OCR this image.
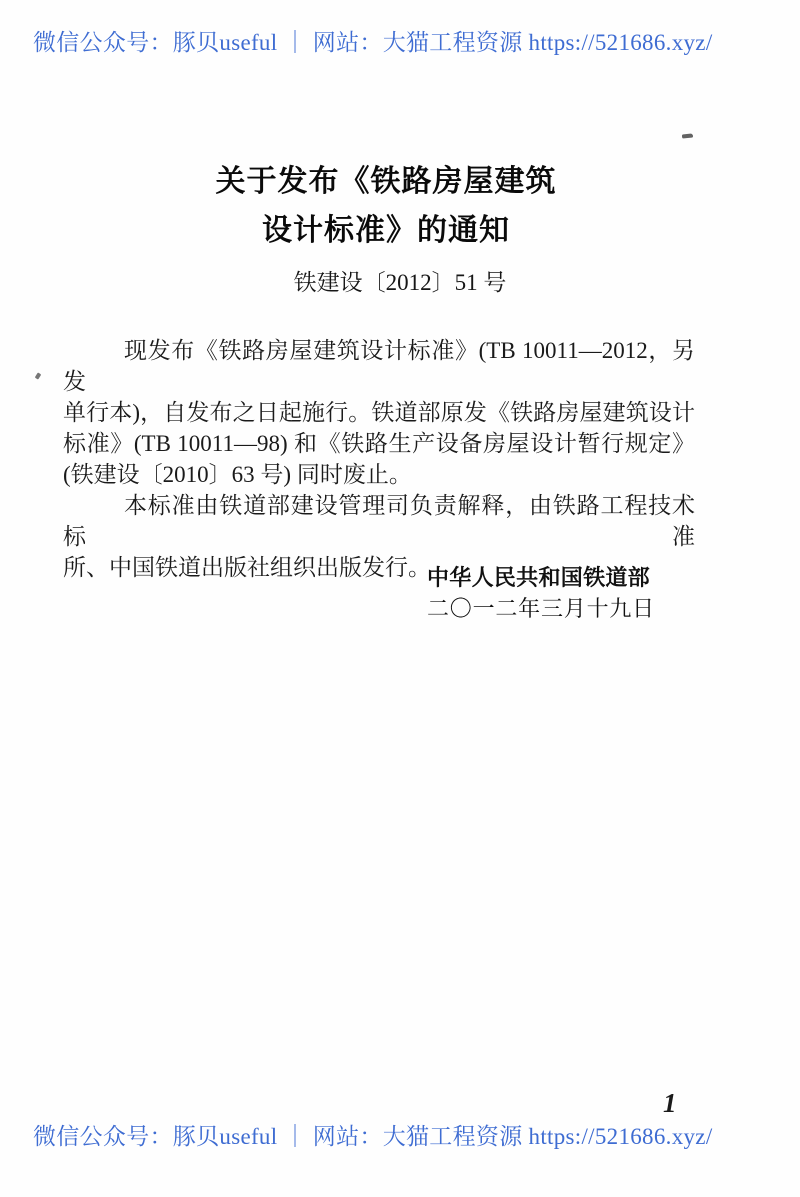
微信公众号：豚贝useful ｜ 网站：大猫工程资源 https://521686.xyz/
关于发布《铁路房屋建筑
设计标准》的通知
铁建设〔2012〕51 号
现发布《铁路房屋建筑设计标准》(TB 10011—2012，另发
单行本)，自发布之日起施行。铁道部原发《铁路房屋建筑设计
标准》(TB 10011—98) 和《铁路生产设备房屋设计暂行规定》
(铁建设〔2010〕63 号) 同时废止。
本标准由铁道部建设管理司负责解释，由铁路工程技术标准
所、中国铁道出版社组织出版发行。
中华人民共和国铁道部
二〇一二年三月十九日
1
微信公众号：豚贝useful ｜ 网站：大猫工程资源 https://521686.xyz/
